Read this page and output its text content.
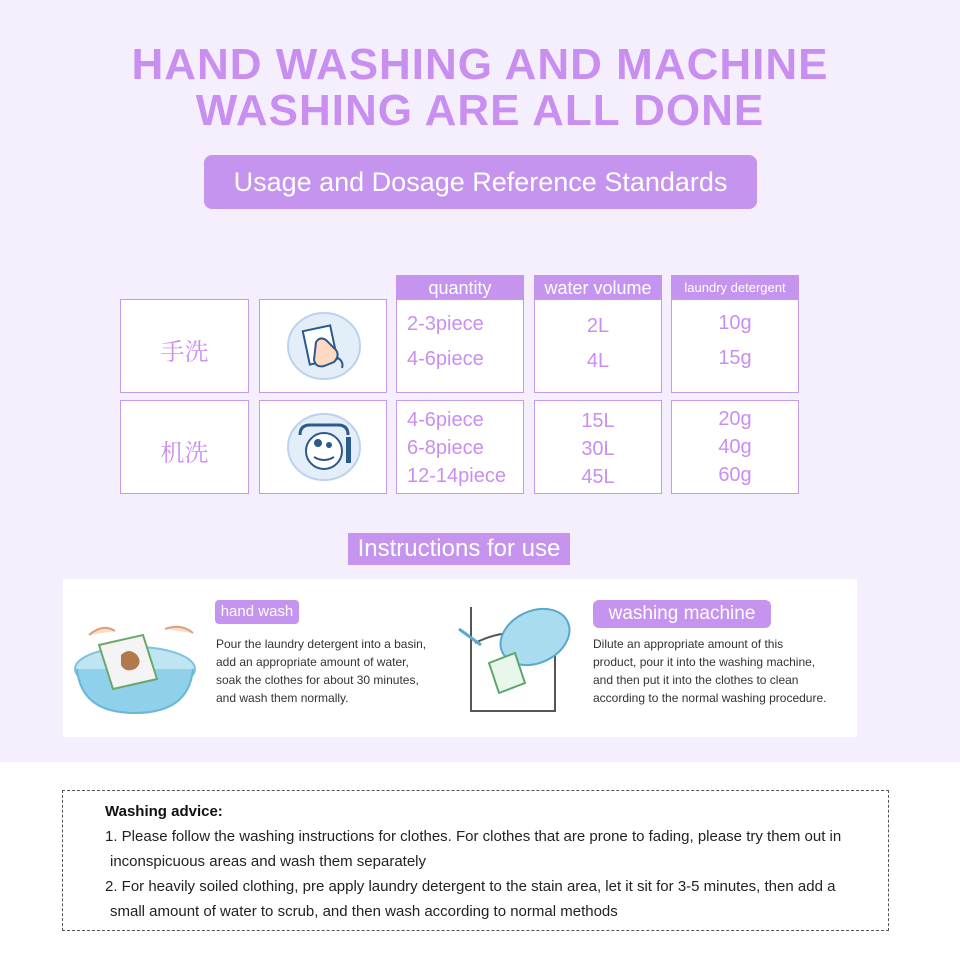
HAND WASHING AND MACHINE
WASHING ARE ALL DONE
Usage and Dosage Reference Standards
quantity	water volume	laundry detergent
手洗
2-3piece
4-6piece
2L
4L
10g
15g
机洗
4-6piece
6-8piece
12-14piece
15L
30L
45L
20g
40g
60g
Instructions for use
hand wash
Pour the laundry detergent into a basin,
add an appropriate amount of water,
soak the clothes for about 30 minutes,
and wash them normally.
washing machine
Dilute an appropriate amount of this
product, pour it into the washing machine,
and then put it into the clothes to clean
according to the normal washing procedure.
Washing advice:
1. Please follow the washing instructions for clothes. For clothes that are prone to fading, please try them out in
inconspicuous areas and wash them separately
2. For heavily soiled clothing, pre apply laundry detergent to the stain area, let it sit for 3-5 minutes, then add a
small amount of water to scrub, and then wash according to normal methods
